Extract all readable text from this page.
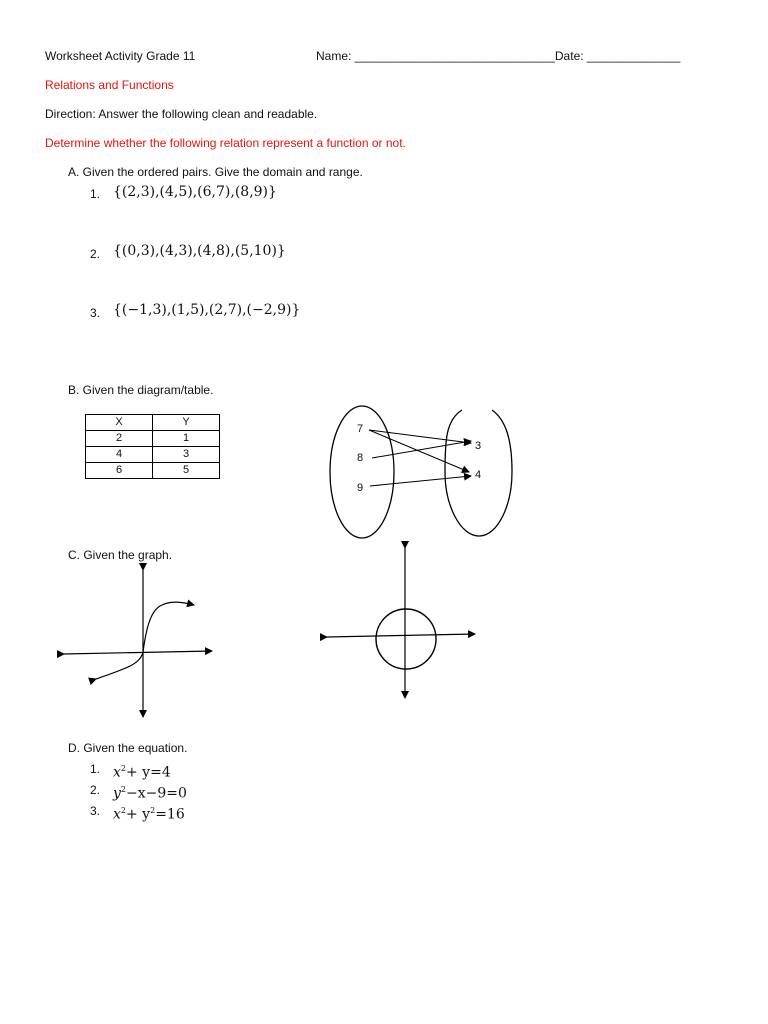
Worksheet Activity Grade 11	Name: ______________________________Date: ______________
Relations and Functions
Direction: Answer the following clean and readable.
Determine whether the following relation represent a function or not.
A. Given the ordered pairs. Give the domain and range.
1. {(2,3),(4,5),(6,7),(8,9)}
2. {(0,3),(4,3),(4,8),(5,10)}
3. {(−1,3),(1,5),(2,7),(−2,9)}
B. Given the diagram/table.
X	Y
2	1
4	3
6	5
7
8
9
3
4
C. Given the graph.
D. Given the equation.
1. $x^2+ y=4$
2. $y^2-x-9=0$
3. $x^2+ y^2=16$
